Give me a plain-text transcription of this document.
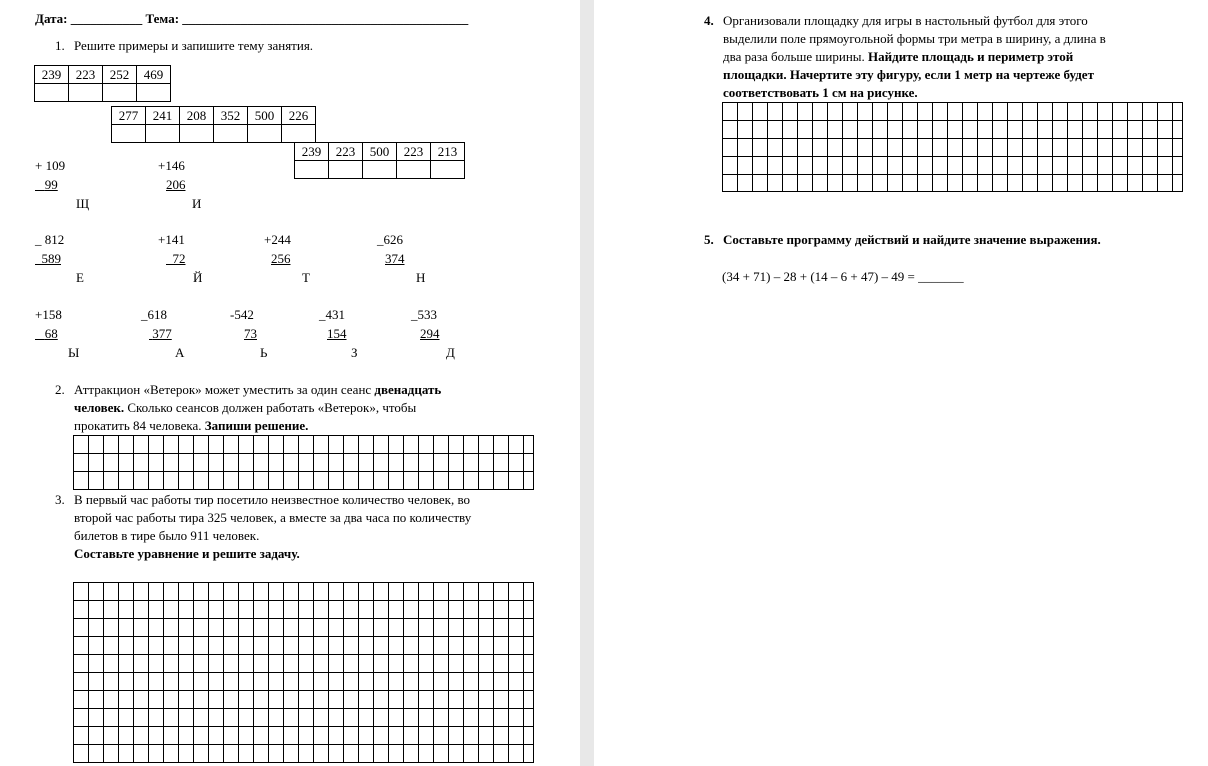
Дата: ___________ Тема: ____________________________________________
1. Решите примеры и запишите тему занятия.
239	223	252	469

277	241	208	352	500	226

239	223	500	223	213

+ 109
99
Щ
+146
206
И
_ 812
589
Е
+141
72
Й
+244
256
Т
_626
374
Н
+158
68
Ы
_618
377
А
-542
73
Ь
_431
154
З
_533
294
Д
2. Аттракцион «Ветерок» может уместить за один сеанс двенадцать
человек. Сколько сеансов должен работать «Ветерок», чтобы
прокатить 84 человека. Запиши решение.
3. В первый час работы тир посетило неизвестное количество человек, во
второй час работы тира 325 человек, а вместе за два часа по количеству
билетов в тире было 911 человек.
Составьте уравнение и решите задачу.
4. Организовали площадку для игры в настольный футбол для этого
выделили поле прямоугольной формы три метра в ширину, а длина в
два раза больше ширины. Найдите площадь и периметр этой
площадки. Начертите эту фигуру, если 1 метр на чертеже будет
соответствовать 1 см на рисунке.
5. Составьте программу действий и найдите значение выражения.
(34 + 71) – 28 + (14 – 6 + 47) – 49 = _______
